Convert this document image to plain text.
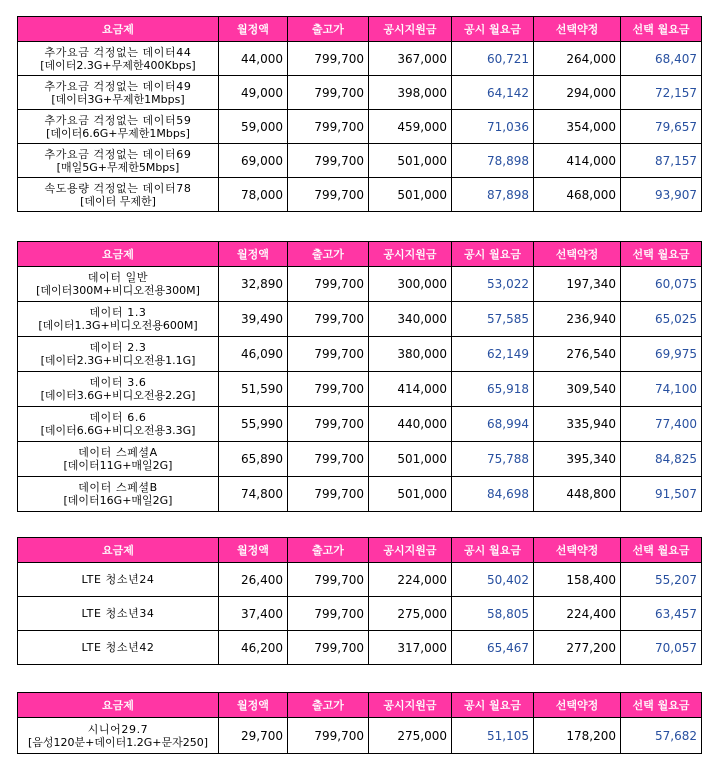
요금제	월정액	출고가	공시지원금	공시 월요금	선택약정	선택 월요금

추가요금 걱정없는 데이터44
[데이터2.3G+무제한400Kbps]	44,000	799,700	367,000	60,721	264,000	68,407

추가요금 걱정없는 데이터49
[데이터3G+무제한1Mbps]	49,000	799,700	398,000	64,142	294,000	72,157

추가요금 걱정없는 데이터59
[데이터6.6G+무제한1Mbps]	59,000	799,700	459,000	71,036	354,000	79,657

추가요금 걱정없는 데이터69
[매일5G+무제한5Mbps]	69,000	799,700	501,000	78,898	414,000	87,157

속도용량 걱정없는 데이터78
[데이터 무제한]	78,000	799,700	501,000	87,898	468,000	93,907
요금제	월정액	출고가	공시지원금	공시 월요금	선택약정	선택 월요금

데이터 일반
[데이터300M+비디오전용300M]	32,890	799,700	300,000	53,022	197,340	60,075

데이터 1.3
[데이터1.3G+비디오전용600M]	39,490	799,700	340,000	57,585	236,940	65,025

데이터 2.3
[데이터2.3G+비디오전용1.1G]	46,090	799,700	380,000	62,149	276,540	69,975

데이터 3.6
[데이터3.6G+비디오전용2.2G]	51,590	799,700	414,000	65,918	309,540	74,100

데이터 6.6
[데이터6.6G+비디오전용3.3G]	55,990	799,700	440,000	68,994	335,940	77,400

데이터 스페셜A
[데이터11G+매일2G]	65,890	799,700	501,000	75,788	395,340	84,825

데이터 스페셜B
[데이터16G+매일2G]	74,800	799,700	501,000	84,698	448,800	91,507
요금제	월정액	출고가	공시지원금	공시 월요금	선택약정	선택 월요금

LTE 청소년24	26,400	799,700	224,000	50,402	158,400	55,207

LTE 청소년34	37,400	799,700	275,000	58,805	224,400	63,457

LTE 청소년42	46,200	799,700	317,000	65,467	277,200	70,057
요금제	월정액	출고가	공시지원금	공시 월요금	선택약정	선택 월요금

시니어29.7
[음성120분+데이터1.2G+문자250]	29,700	799,700	275,000	51,105	178,200	57,682
